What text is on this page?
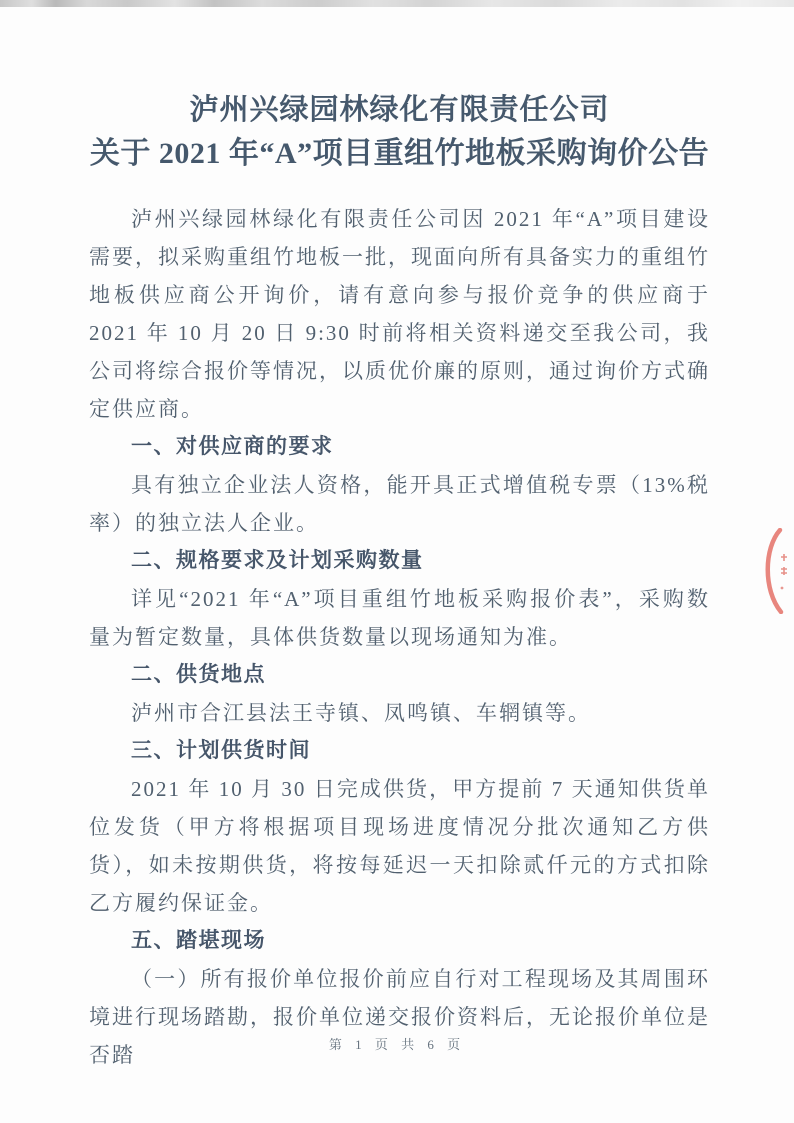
泸州兴绿园林绿化有限责任公司
关于 2021 年“A”项目重组竹地板采购询价公告

泸州兴绿园林绿化有限责任公司因 2021 年“A”项目建设需要，拟采购重组竹地板一批，现面向所有具备实力的重组竹地板供应商公开询价，请有意向参与报价竞争的供应商于 2021 年 10 月 20 日 9:30 时前将相关资料递交至我公司，我公司将综合报价等情况，以质优价廉的原则，通过询价方式确定供应商。

一、对供应商的要求

具有独立企业法人资格，能开具正式增值税专票（13%税率）的独立法人企业。

二、规格要求及计划采购数量

详见“2021 年“A”项目重组竹地板采购报价表”，采购数量为暂定数量，具体供货数量以现场通知为准。

二、供货地点

泸州市合江县法王寺镇、凤鸣镇、车辋镇等。

三、计划供货时间

2021 年 10 月 30 日完成供货，甲方提前 7 天通知供货单位发货（甲方将根据项目现场进度情况分批次通知乙方供货），如未按期供货，将按每延迟一天扣除贰仟元的方式扣除乙方履约保证金。

五、踏堪现场

（一）所有报价单位报价前应自行对工程现场及其周围环境进行现场踏勘，报价单位递交报价资料后，无论报价单位是否踏	第 1 页 共 6 页
